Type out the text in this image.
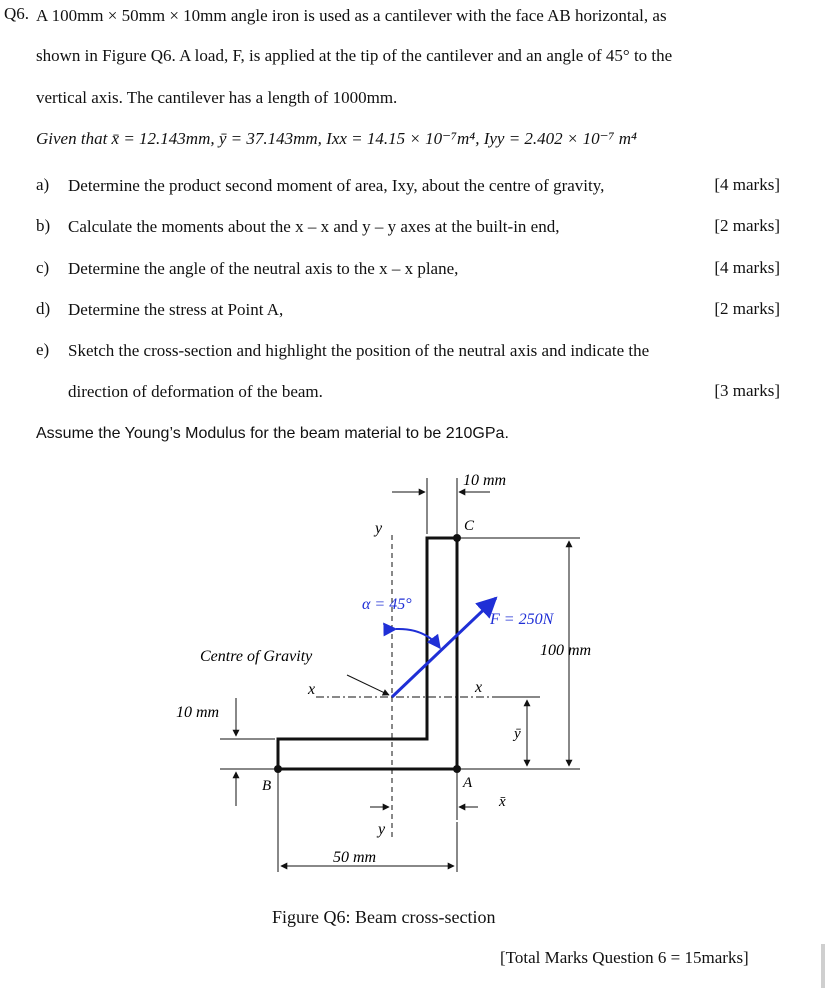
Q6. A 100mm × 50mm × 10mm angle iron is used as a cantilever with the face AB horizontal, as
shown in Figure Q6. A load, F, is applied at the tip of the cantilever and an angle of 45° to the
vertical axis. The cantilever has a length of 1000mm.
Given that x̄ = 12.143mm, ȳ = 37.143mm, Ixx = 14.15 × 10⁻⁷m⁴, Iyy = 2.402 × 10⁻⁷ m⁴
a) Determine the product second moment of area, Ixy, about the centre of gravity,	[4 marks]
b) Calculate the moments about the x – x and y – y axes at the built-in end,	[2 marks]
c) Determine the angle of the neutral axis to the x – x plane,	[4 marks]
d) Determine the stress at Point A,	[2 marks]
e) Sketch the cross-section and highlight the position of the neutral axis and indicate the
direction of deformation of the beam.	[3 marks]
Assume the Young’s Modulus for the beam material to be 210GPa.
10 mm
C
y
α = 45°
F = 250N
100 mm
Centre of Gravity
x	x
10 mm
ȳ
B	A
x̄
y
50 mm
Figure Q6: Beam cross-section
[Total Marks Question 6 = 15marks]
